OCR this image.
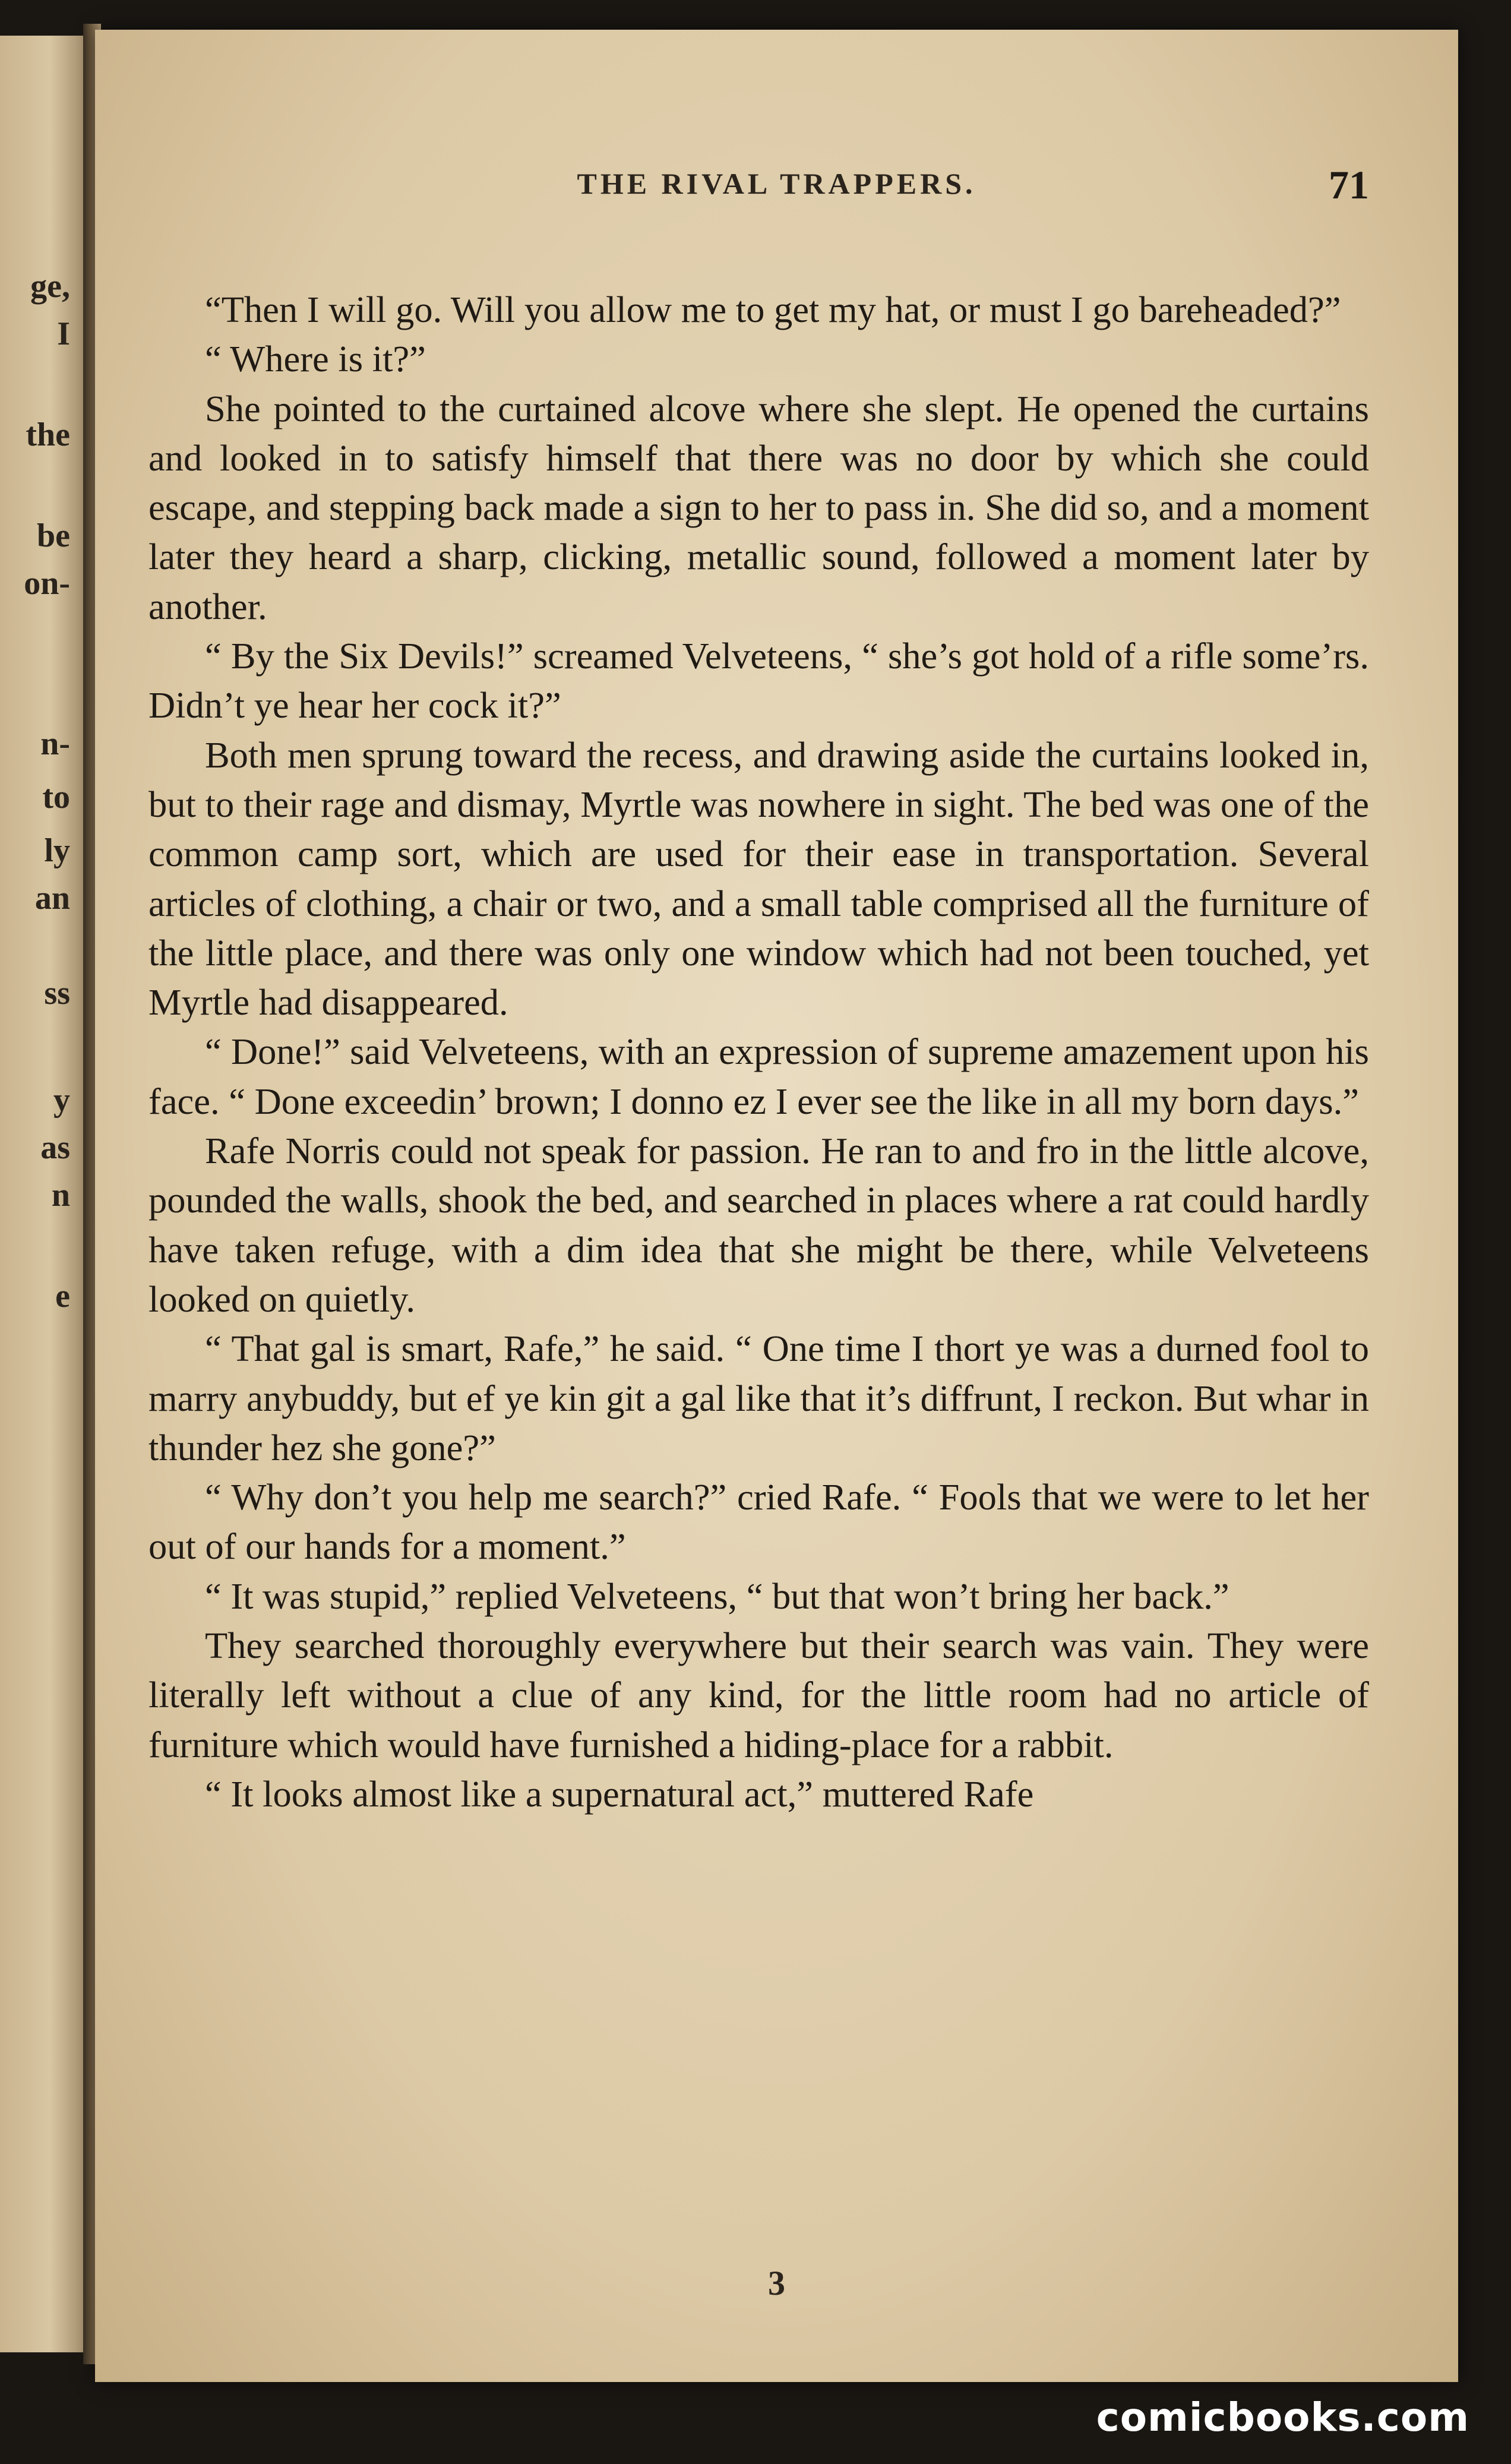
ge,
I
the
be
on-
n-
to
ly
an
ss
y
as
n
e
THE RIVAL TRAPPERS.	71

“Then I will go. Will you allow me to get my hat, or must I go bareheaded?”

“ Where is it?”

She pointed to the curtained alcove where she slept. He opened the curtains and looked in to satisfy himself that there was no door by which she could escape, and stepping back made a sign to her to pass in. She did so, and a moment later they heard a sharp, clicking, metallic sound, followed a moment later by another.

“ By the Six Devils!” screamed Velveteens, “ she’s got hold of a rifle some’rs. Didn’t ye hear her cock it?”

Both men sprung toward the recess, and drawing aside the curtains looked in, but to their rage and dismay, Myrtle was nowhere in sight. The bed was one of the common camp sort, which are used for their ease in transportation. Several articles of clothing, a chair or two, and a small table comprised all the furniture of the little place, and there was only one window which had not been touched, yet Myrtle had disappeared.

“ Done!” said Velveteens, with an expression of supreme amazement upon his face. “ Done exceedin’ brown; I donno ez I ever see the like in all my born days.”

Rafe Norris could not speak for passion. He ran to and fro in the little alcove, pounded the walls, shook the bed, and searched in places where a rat could hardly have taken refuge, with a dim idea that she might be there, while Velveteens looked on quietly.

“ That gal is smart, Rafe,” he said. “ One time I thort ye was a durned fool to marry anybuddy, but ef ye kin git a gal like that it’s diffrunt, I reckon. But whar in thunder hez she gone?”

“ Why don’t you help me search?” cried Rafe. “ Fools that we were to let her out of our hands for a moment.”

“ It was stupid,” replied Velveteens, “ but that won’t bring her back.”

They searched thoroughly everywhere but their search was vain. They were literally left without a clue of any kind, for the little room had no article of furniture which would have furnished a hiding-place for a rabbit.

“ It looks almost like a supernatural act,” muttered Rafe

3
comicbooks.com
